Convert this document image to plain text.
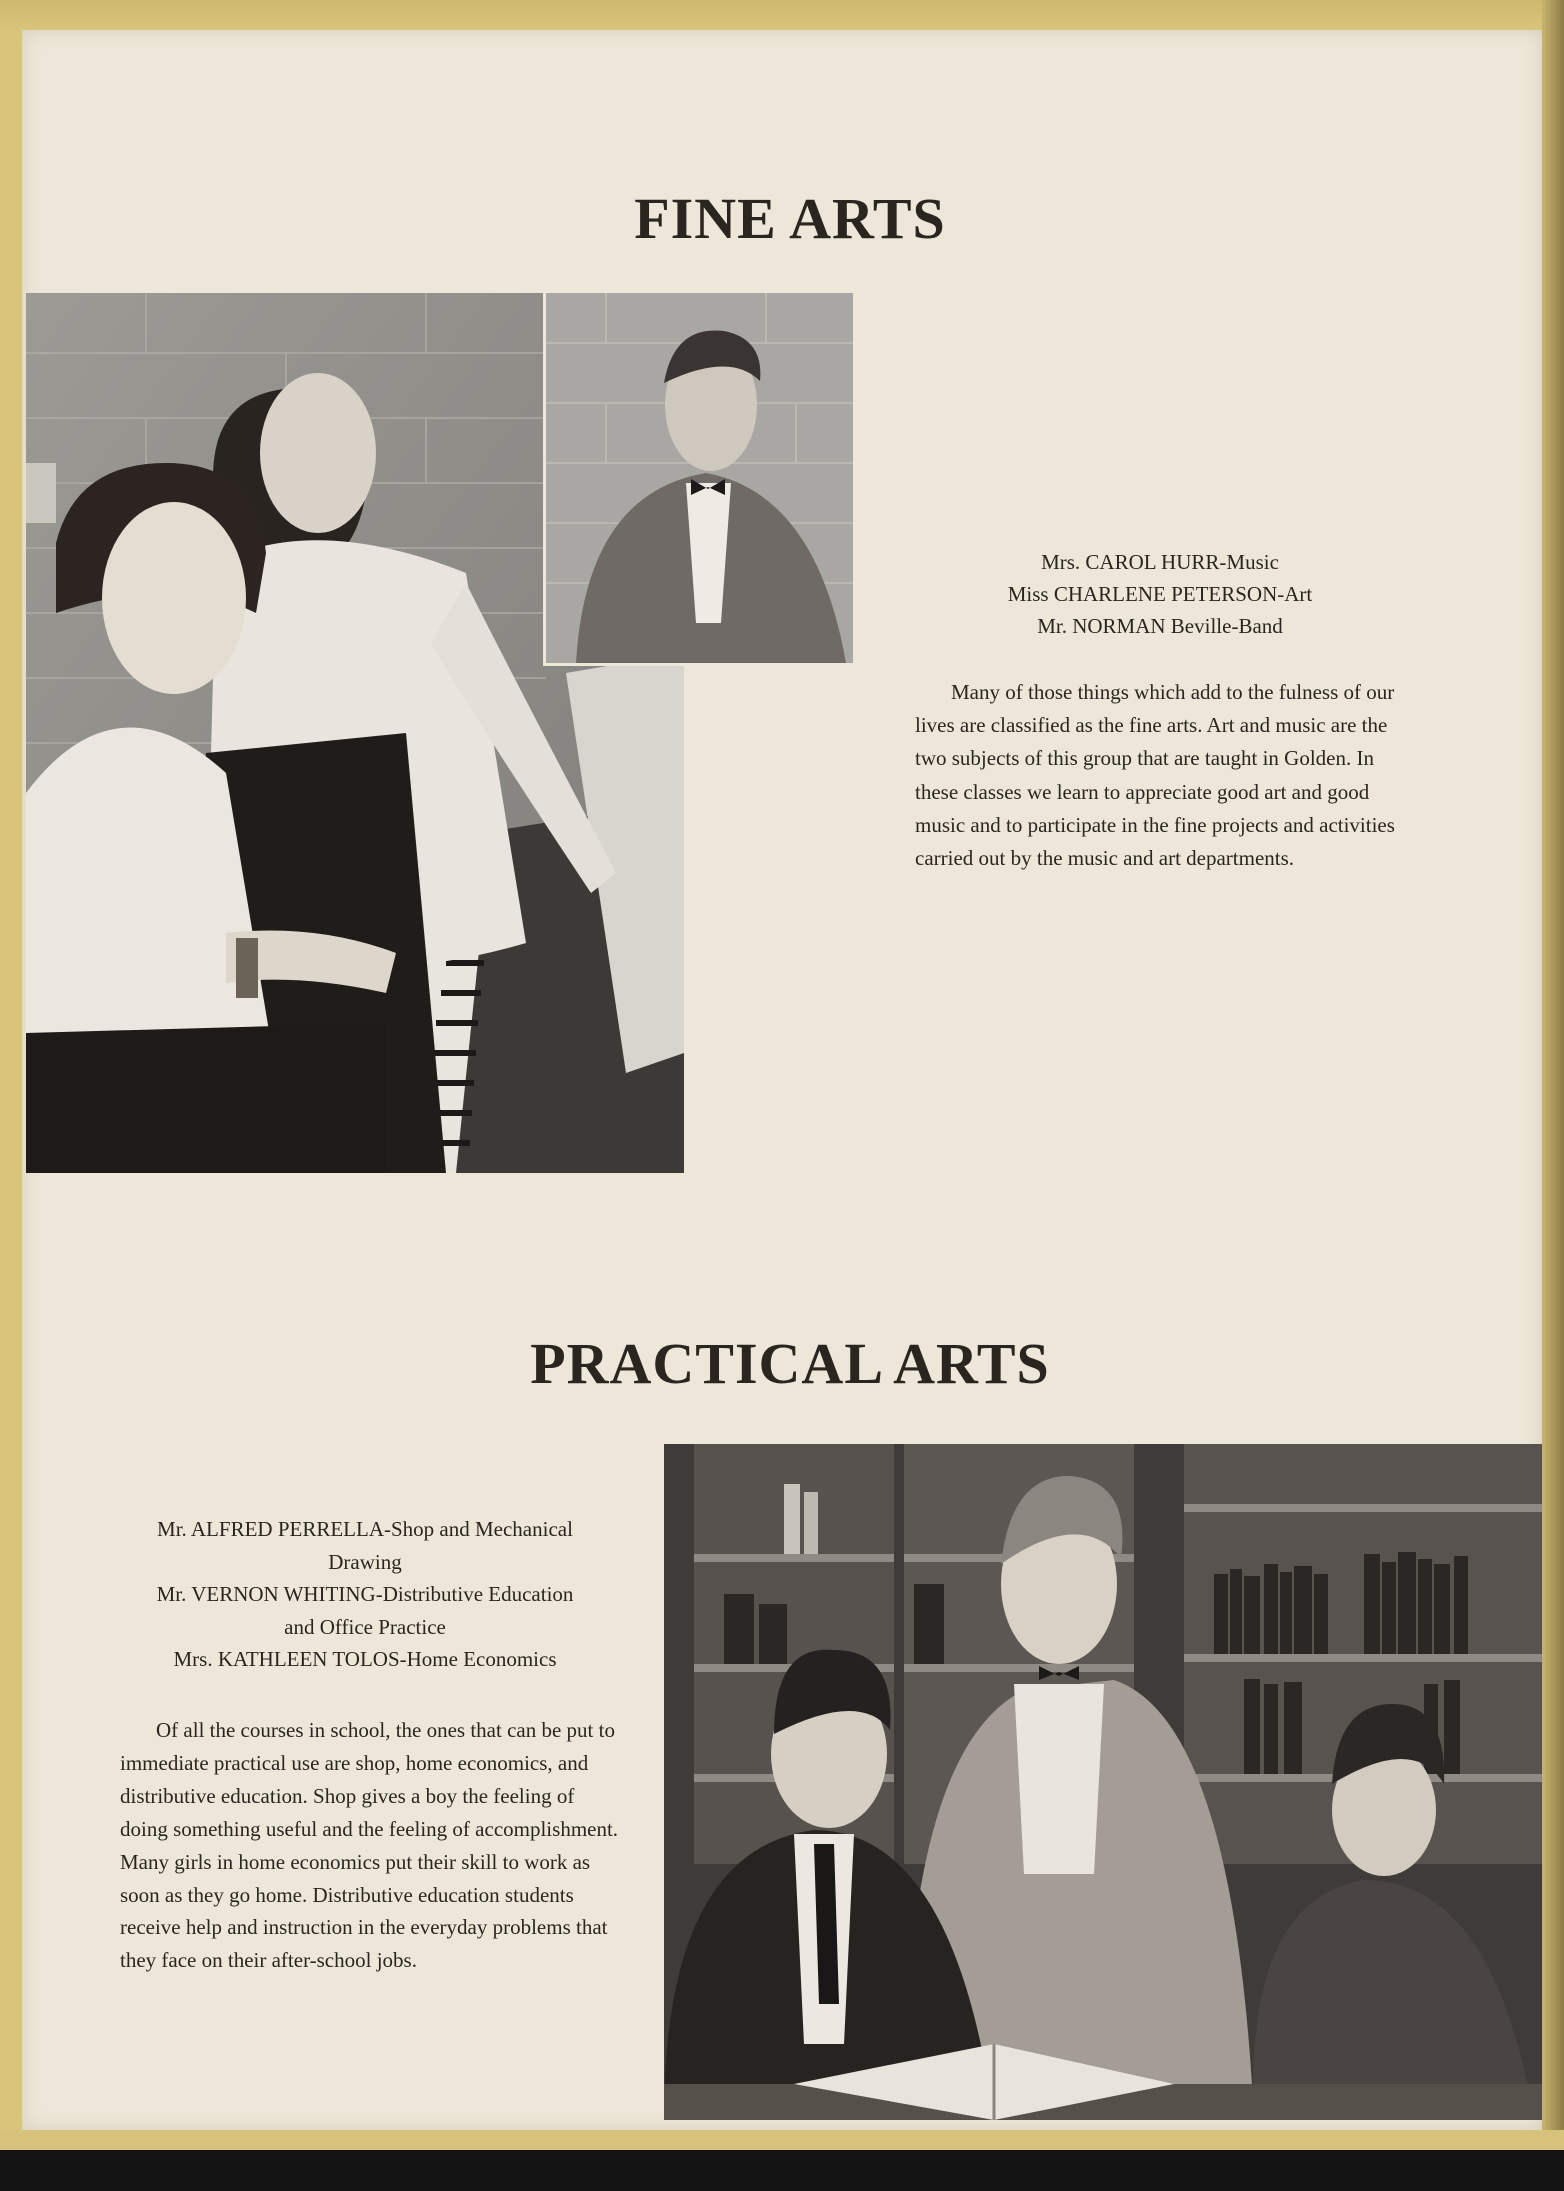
FINE ARTS
Mrs. CAROL HURR-Music
Miss CHARLENE PETERSON-Art
Mr. NORMAN Beville-Band

Many of those things which add to the fulness of our lives are classified as the fine arts. Art and music are the two subjects of this group that are taught in Golden. In these classes we learn to appreciate good art and good music and to participate in the fine projects and activities carried out by the music and art departments.

PRACTICAL ARTS
Mr. ALFRED PERRELLA-Shop and Mechanical Drawing
Mr. VERNON WHITING-Distributive Education and Office Practice
Mrs. KATHLEEN TOLOS-Home Economics

Of all the courses in school, the ones that can be put to immediate practical use are shop, home economics, and distributive education. Shop gives a boy the feeling of doing something useful and the feeling of accomplishment. Many girls in home economics put their skill to work as soon as they go home. Distributive education students receive help and instruction in the everyday problems that they face on their after-school jobs.
